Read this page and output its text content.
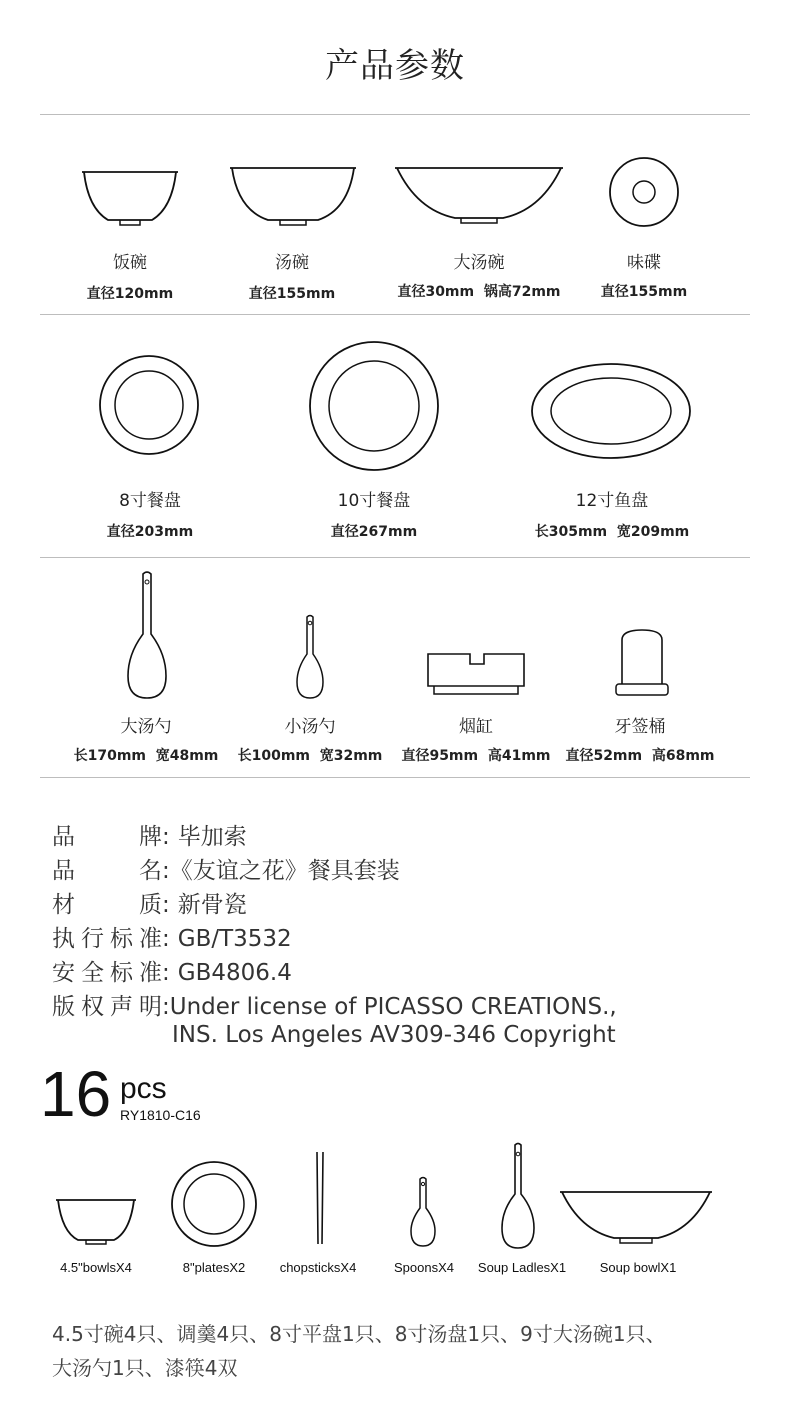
产品参数
饭碗
直径120mm
汤碗
直径155mm
大汤碗
直径30mm  锅高72mm
味碟
直径155mm
8寸餐盘
直径203mm
10寸餐盘
直径267mm
12寸鱼盘
长305mm  宽209mm
大汤勺
长170mm  宽48mm
小汤勺
长100mm  宽32mm
烟缸
直径95mm  高41mm
牙签桶
直径52mm  高68mm
品牌: 毕加索
品名:《友谊之花》餐具套装
材质: 新骨瓷
执行标准: GB/T3532
安全标准: GB4806.4
版权声明:Under license of PICASSO CREATIONS.,
INS. Los Angeles AV309-346 Copyright
16 pcs
RY1810-C16
4.5"bowlsX4	8"platesX2	chopsticksX4	SpoonsX4	Soup LadlesX1	Soup bowlX1
4.5寸碗4只、调羹4只、8寸平盘1只、8寸汤盘1只、9寸大汤碗1只、
大汤勺1只、漆筷4双
